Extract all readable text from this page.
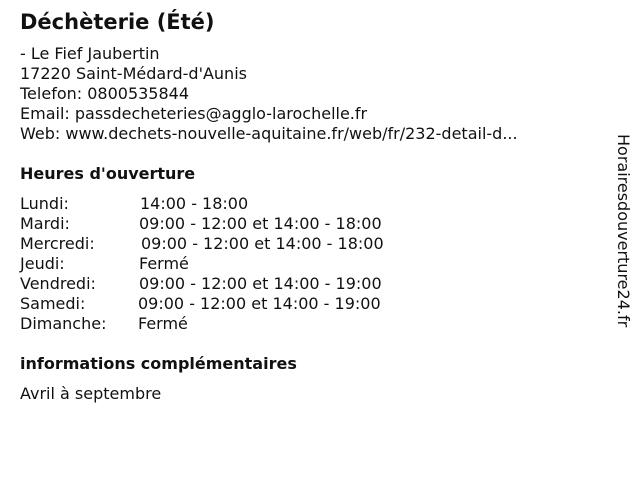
Déchèterie (Été)
- Le Fief Jaubertin
17220 Saint-Médard-d'Aunis
Telefon: 0800535844
Email: passdecheteries@agglo-larochelle.fr
Web: www.dechets-nouvelle-aquitaine.fr/web/fr/232-detail-d...
Heures d'ouverture
Lundi:	14:00 - 18:00
Mardi:	09:00 - 12:00 et 14:00 - 18:00
Mercredi:	09:00 - 12:00 et 14:00 - 18:00
Jeudi:	Fermé
Vendredi:	09:00 - 12:00 et 14:00 - 19:00
Samedi:	09:00 - 12:00 et 14:00 - 19:00
Dimanche: Fermé
informations complémentaires
Avril à septembre
Horairesdouverture24.fr
